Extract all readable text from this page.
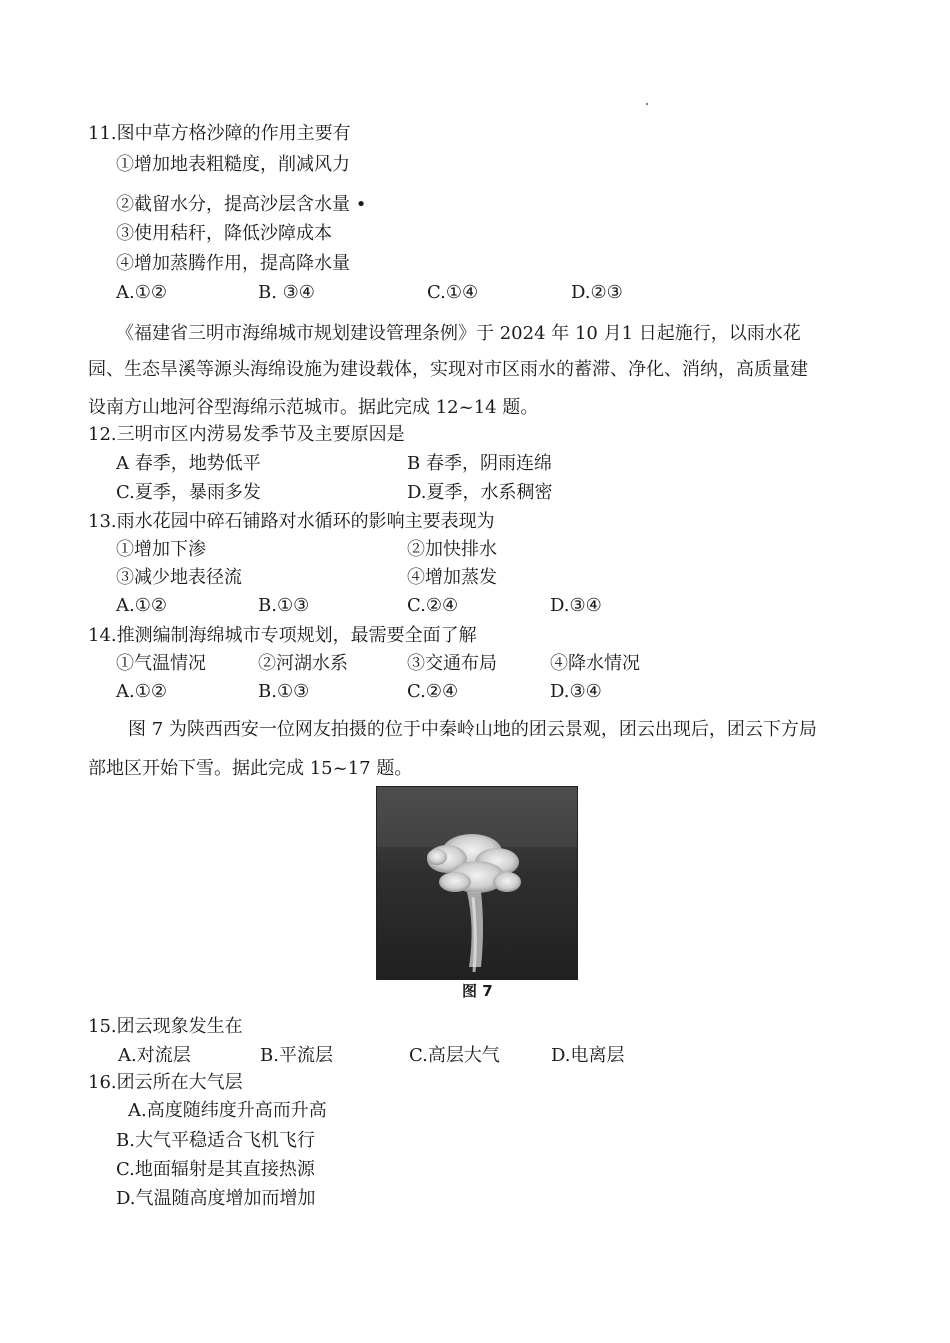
11.图中草方格沙障的作用主要有
①增加地表粗糙度，削减风力
②截留水分，提高沙层含水量 •
③使用秸秆，降低沙障成本
④增加蒸腾作用，提高降水量
A.①②	B. ③④	C.①④	D.②③
《福建省三明市海绵城市规划建设管理条例》于 2024 年 10 月1 日起施行，以雨水花
园、生态旱溪等源头海绵设施为建设载体，实现对市区雨水的蓄滞、净化、消纳，高质量建
设南方山地河谷型海绵示范城市。据此完成 12~14 题。
12.三明市区内涝易发季节及主要原因是
A 春季，地势低平	B 春季，阴雨连绵
C.夏季，暴雨多发	D.夏季，水系稠密
13.雨水花园中碎石铺路对水循环的影响主要表现为
①增加下渗	②加快排水
③减少地表径流	④增加蒸发
A.①②	B.①③	C.②④	D.③④
14.推测编制海绵城市专项规划，最需要全面了解
①气温情况	②河湖水系	③交通布局	④降水情况
A.①②	B.①③	C.②④	D.③④
图 7 为陕西西安一位网友拍摄的位于中秦岭山地的团云景观，团云出现后，团云下方局
部地区开始下雪。据此完成 15~17 题。
图 7
15.团云现象发生在
A.对流层	B.平流层	C.高层大气	D.电离层
16.团云所在大气层
A.高度随纬度升高而升高
B.大气平稳适合飞机飞行
C.地面辐射是其直接热源
D.气温随高度增加而增加
